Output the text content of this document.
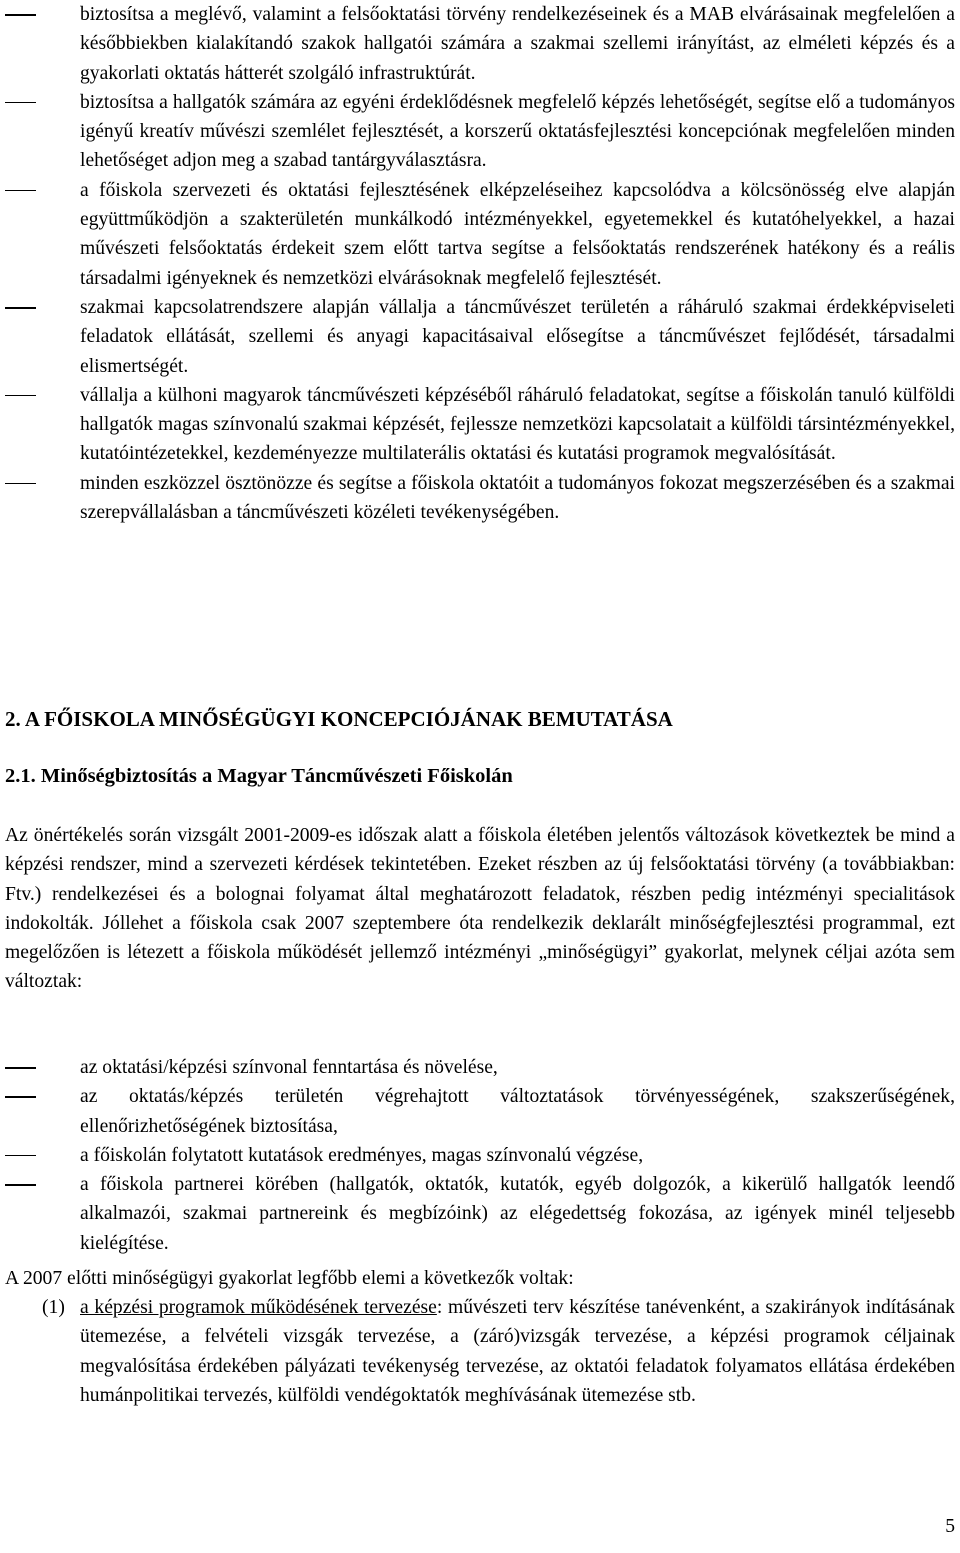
biztosítsa a meglévő, valamint a felsőoktatási törvény rendelkezéseinek és a MAB elvárásainak megfelelően a későbbiekben kialakítandó szakok hallgatói számára a szakmai szellemi irányítást, az elméleti képzés és a gyakorlati oktatás hátterét szolgáló infrastruktúrát.
biztosítsa a hallgatók számára az egyéni érdeklődésnek megfelelő képzés lehetőségét, segítse elő a tudományos igényű kreatív művészi szemlélet fejlesztését, a korszerű oktatásfejlesztési koncepciónak megfelelően minden lehetőséget adjon meg a szabad tantárgyválasztásra.
a főiskola szervezeti és oktatási fejlesztésének elképzeléseihez kapcsolódva a kölcsönösség elve alapján együttműködjön a szakterületén munkálkodó intézményekkel, egyetemekkel és kutatóhelyekkel, a hazai művészeti felsőoktatás érdekeit szem előtt tartva segítse a felsőoktatás rendszerének hatékony és a reális társadalmi igényeknek és nemzetközi elvárásoknak megfelelő fejlesztését.
szakmai kapcsolatrendszere alapján vállalja a táncművészet területén a ráháruló szakmai érdekképviseleti feladatok ellátását, szellemi és anyagi kapacitásaival elősegítse a táncművészet fejlődését, társadalmi elismertségét.
vállalja a külhoni magyarok táncművészeti képzéséből ráháruló feladatokat, segítse a főiskolán tanuló külföldi hallgatók magas színvonalú szakmai képzését, fejlessze nemzetközi kapcsolatait a külföldi társintézményekkel, kutatóintézetekkel, kezdeményezze multilaterális oktatási és kutatási programok megvalósítását.
minden eszközzel ösztönözze és segítse a főiskola oktatóit a tudományos fokozat megszerzésében és a szakmai szerepvállalásban a táncművészeti közéleti tevékenységében.
2. A FŐISKOLA MINŐSÉGÜGYI KONCEPCIÓJÁNAK BEMUTATÁSA
2.1. Minőségbiztosítás a Magyar Táncművészeti Főiskolán

Az önértékelés során vizsgált 2001-2009-es időszak alatt a főiskola életében jelentős változások következtek be mind a képzési rendszer, mind a szervezeti kérdések tekintetében. Ezeket részben az új felsőoktatási törvény (a továbbiakban: Ftv.) rendelkezései és a bolognai folyamat által meghatározott feladatok, részben pedig intézményi specialitások indokolták. Jóllehet a főiskola csak 2007 szeptembere óta rendelkezik deklarált minőségfejlesztési programmal, ezt megelőzően is létezett a főiskola működését jellemző intézményi „minőségügyi” gyakorlat, melynek céljai azóta sem változtak:

az oktatási/képzési színvonal fenntartása és növelése,
az oktatás/képzés területén végrehajtott változtatások törvényességének, szakszerűségének, ellenőrizhetőségének biztosítása,
a főiskolán folytatott kutatások eredményes, magas színvonalú végzése,
a főiskola partnerei körében (hallgatók, oktatók, kutatók, egyéb dolgozók, a kikerülő hallgatók leendő alkalmazói, szakmai partnereink és megbízóink) az elégedettség fokozása, az igények minél teljesebb kielégítése.

A 2007 előtti minőségügyi gyakorlat legfőbb elemi a következők voltak:

(1) a képzési programok működésének tervezése: művészeti terv készítése tanévenként, a szakirányok indításának ütemezése, a felvételi vizsgák tervezése, a (záró)vizsgák tervezése, a képzési programok céljainak megvalósítása érdekében pályázati tevékenység tervezése, az oktatói feladatok folyamatos ellátása érdekében humánpolitikai tervezés, külföldi vendégoktatók meghívásának ütemezése stb.
5
